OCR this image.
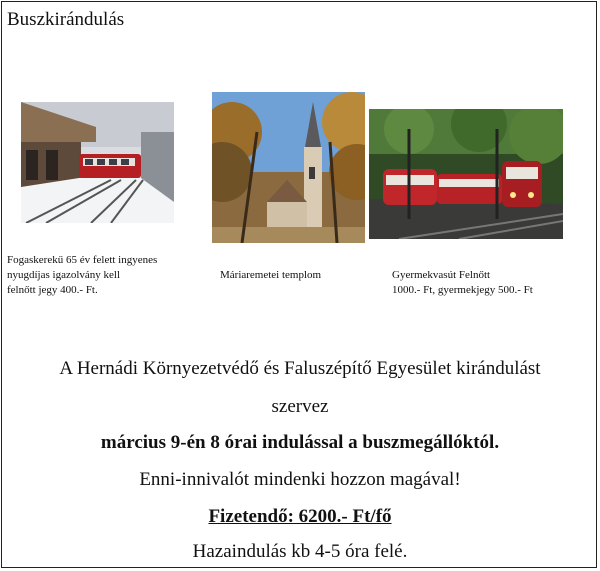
Buszkirándulás
Fogaskerekű 65 év felett ingyenes
nyugdíjas igazolvány kell
felnőtt jegy 400.- Ft.
Máriaremetei templom	Gyermekvasút Felnőtt
1000.- Ft, gyermekjegy 500.- Ft
A Hernádi Környezetvédő és Faluszépítő Egyesület kirándulást
szervez
március 9-én 8 órai indulással a buszmegállóktól.
Enni-innivalót mindenki hozzon magával!
Fizetendő: 6200.- Ft/fő
Hazaindulás kb 4-5 óra felé.
